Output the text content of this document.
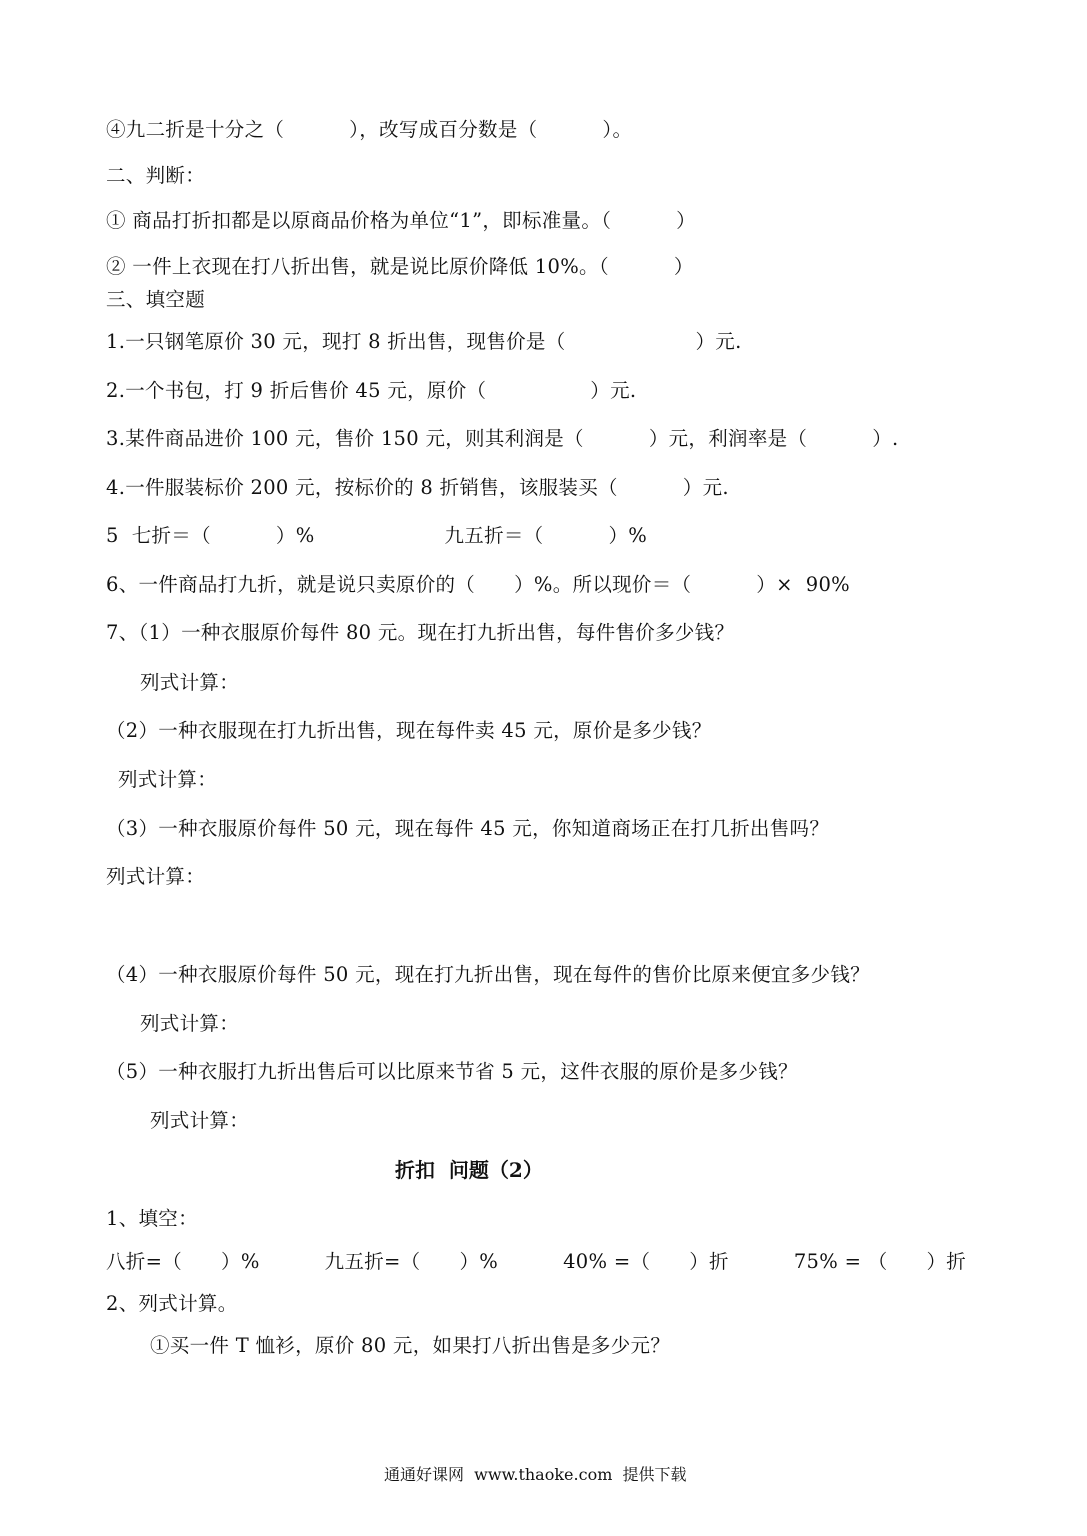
④九二折是十分之（          ），改写成百分数是（          ）。
二、判断：
① 商品打折扣都是以原商品价格为单位“1”，即标准量。（          ）
② 一件上衣现在打八折出售，就是说比原价降低 10%。（          ）
三、填空题
1.一只钢笔原价 30 元，现打 8 折出售，现售价是（                    ）元.
2.一个书包，打 9 折后售价 45 元，原价（                ）元.
3.某件商品进价 100 元，售价 150 元，则其利润是（          ）元，利润率是（          ）.
4.一件服装标价 200 元，按标价的 8 折销售，该服装买（          ）元.
5  七折＝（          ）%                    九五折＝（          ）%
6、一件商品打九折，就是说只卖原价的（      ）%。所以现价＝（          ）×  90%
7、（1）一种衣服原价每件 80 元。现在打九折出售，每件售价多少钱？
列式计算：
（2）一种衣服现在打九折出售，现在每件卖 45 元，原价是多少钱？
列式计算：
（3）一种衣服原价每件 50 元，现在每件 45 元，你知道商场正在打几折出售吗？
列式计算：
（4）一种衣服原价每件 50 元，现在打九折出售，现在每件的售价比原来便宜多少钱？
列式计算：
（5）一种衣服打九折出售后可以比原来节省 5 元，这件衣服的原价是多少钱？
列式计算：
折扣  问题（2）
1、填空：
八折=（      ）%          九五折=（      ）%          40% =（      ）折          75% = （      ）折
2、列式计算。
①买一件 T 恤衫，原价 80 元，如果打八折出售是多少元？
通通好课网  www.thaoke.com  提供下载
